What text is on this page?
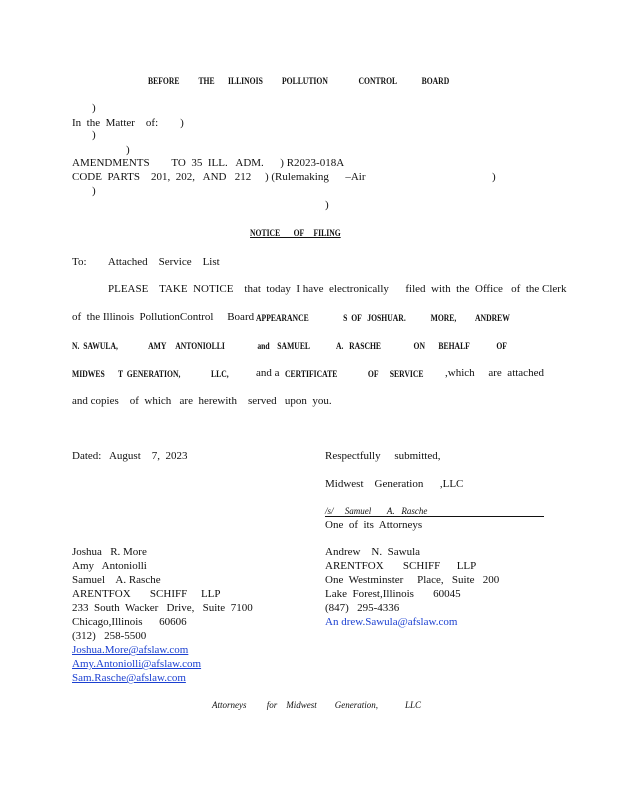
BEFORE          THE       ILLINOIS          POLLUTION                CONTROL             BOARD
)
In  the  Matter    of:        )
)
)
AMENDMENTS        TO  35  ILL.   ADM.      ) R2023-018A
CODE  PARTS    201,  202,   AND   212     ) (Rulemaking      –Air                                              )
)
)
NOTICE       OF     FILING
To:        Attached    Service    List
PLEASE    TAKE  NOTICE    that  today  I have  electronically      filed  with  the  Office   of  the Clerk
of  the Illinois  PollutionControl     Board APPEARANCE                  S  OF   JOSHUAR.             MORE,          ANDREW
N.  SAWULA,                AMY     ANTONIOLLI                 and    SAMUEL              A.   RASCHE                 ON       BEHALF              OF
MIDWES       T  GENERATION,                LLC, and a CERTIFICATE                OF      SERVICE ,which     are  attached
and copies    of  which   are  herewith    served   upon  you.
Dated:   August    7,  2023	Respectfully     submitted,
Midwest    Generation      ,LLC
/s/     Samuel       A.   Rasche
One  of  its  Attorneys
Joshua   R. More
Amy   Antoniolli
Samuel    A. Rasche
ARENTFOX       SCHIFF     LLP
233  South  Wacker   Drive,   Suite  7100
Chicago,Illinois      60606
(312)   258-5500
Joshua.More@afslaw.com
Amy.Antoniolli@afslaw.com
Sam.Rasche@afslaw.com
Andrew    N.  Sawula
ARENTFOX       SCHIFF      LLP
One  Westminster     Place,   Suite   200
Lake  Forest,Illinois       60045
(847)   295-4336
An drew.Sawula@afslaw.com
Attorneys         for    Midwest        Generation,            LLC
